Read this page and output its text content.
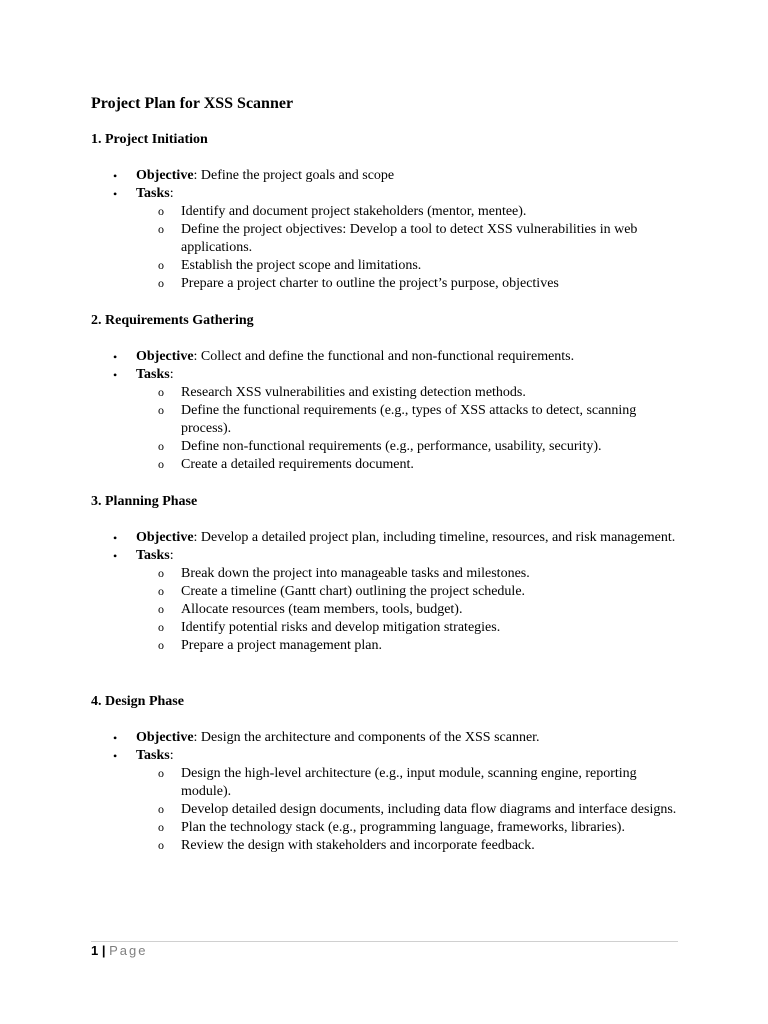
Project Plan for XSS Scanner

1. Project Initiation

• Objective: Define the project goals and scope
• Tasks:
o Identify and document project stakeholders (mentor, mentee).
o Define the project objectives: Develop a tool to detect XSS vulnerabilities in web applications.
o Establish the project scope and limitations.
o Prepare a project charter to outline the project’s purpose, objectives

2. Requirements Gathering

• Objective: Collect and define the functional and non-functional requirements.
• Tasks:
o Research XSS vulnerabilities and existing detection methods.
o Define the functional requirements (e.g., types of XSS attacks to detect, scanning process).
o Define non-functional requirements (e.g., performance, usability, security).
o Create a detailed requirements document.

3. Planning Phase

• Objective: Develop a detailed project plan, including timeline, resources, and risk management.
• Tasks:
o Break down the project into manageable tasks and milestones.
o Create a timeline (Gantt chart) outlining the project schedule.
o Allocate resources (team members, tools, budget).
o Identify potential risks and develop mitigation strategies.
o Prepare a project management plan.

4. Design Phase

• Objective: Design the architecture and components of the XSS scanner.
• Tasks:
o Design the high-level architecture (e.g., input module, scanning engine, reporting module).
o Develop detailed design documents, including data flow diagrams and interface designs.
o Plan the technology stack (e.g., programming language, frameworks, libraries).
o Review the design with stakeholders and incorporate feedback.
1 | Page
